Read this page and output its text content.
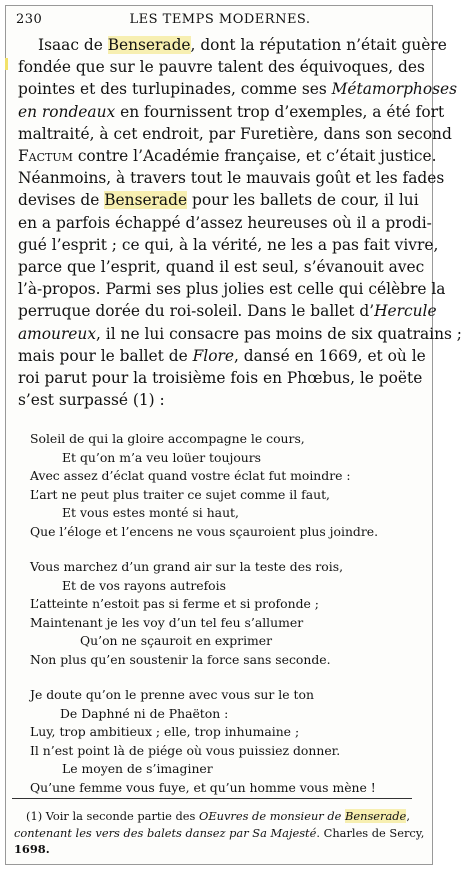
230	LES TEMPS MODERNES.
Isaac de Benserade, dont la réputation n’était guère
fondée que sur le pauvre talent des équivoques, des
pointes et des turlupinades, comme ses Métamorphoses
en rondeaux en fournissent trop d’exemples, a été fort
maltraité, à cet endroit, par Furetière, dans son second
Factum contre l’Académie française, et c’était justice.
Néanmoins, à travers tout le mauvais goût et les fades
devises de Benserade pour les ballets de cour, il lui
en a parfois échappé d’assez heureuses où il a prodi-
gué l’esprit ; ce qui, à la vérité, ne les a pas fait vivre,
parce que l’esprit, quand il est seul, s’évanouit avec
l’à-propos. Parmi ses plus jolies est celle qui célèbre la
perruque dorée du roi-soleil. Dans le ballet d’Hercule
amoureux, il ne lui consacre pas moins de six quatrains ;
mais pour le ballet de Flore, dansé en 1669, et où le
roi parut pour la troisième fois en Phœbus, le poëte
s’est surpassé (1) :
Soleil de qui la gloire accompagne le cours,
Et qu’on m’a veu loüer toujours
Avec assez d’éclat quand vostre éclat fut moindre :
L’art ne peut plus traiter ce sujet comme il faut,
Et vous estes monté si haut,
Que l’éloge et l’encens ne vous sçauroient plus joindre.
Vous marchez d’un grand air sur la teste des rois,
Et de vos rayons autrefois
L’atteinte n’estoit pas si ferme et si profonde ;
Maintenant je les voy d’un tel feu s’allumer
Qu’on ne sçauroit en exprimer
Non plus qu’en soustenir la force sans seconde.
Je doute qu’on le prenne avec vous sur le ton
De Daphné ni de Phaëton :
Luy, trop ambitieux ; elle, trop inhumaine ;
Il n’est point là de piége où vous puissiez donner.
Le moyen de s’imaginer
Qu’une femme vous fuye, et qu’un homme vous mène !
(1) Voir la seconde partie des OEuvres de monsieur de Benserade,
contenant les vers des balets dansez par Sa Majesté. Charles de Sercy,
1698.
